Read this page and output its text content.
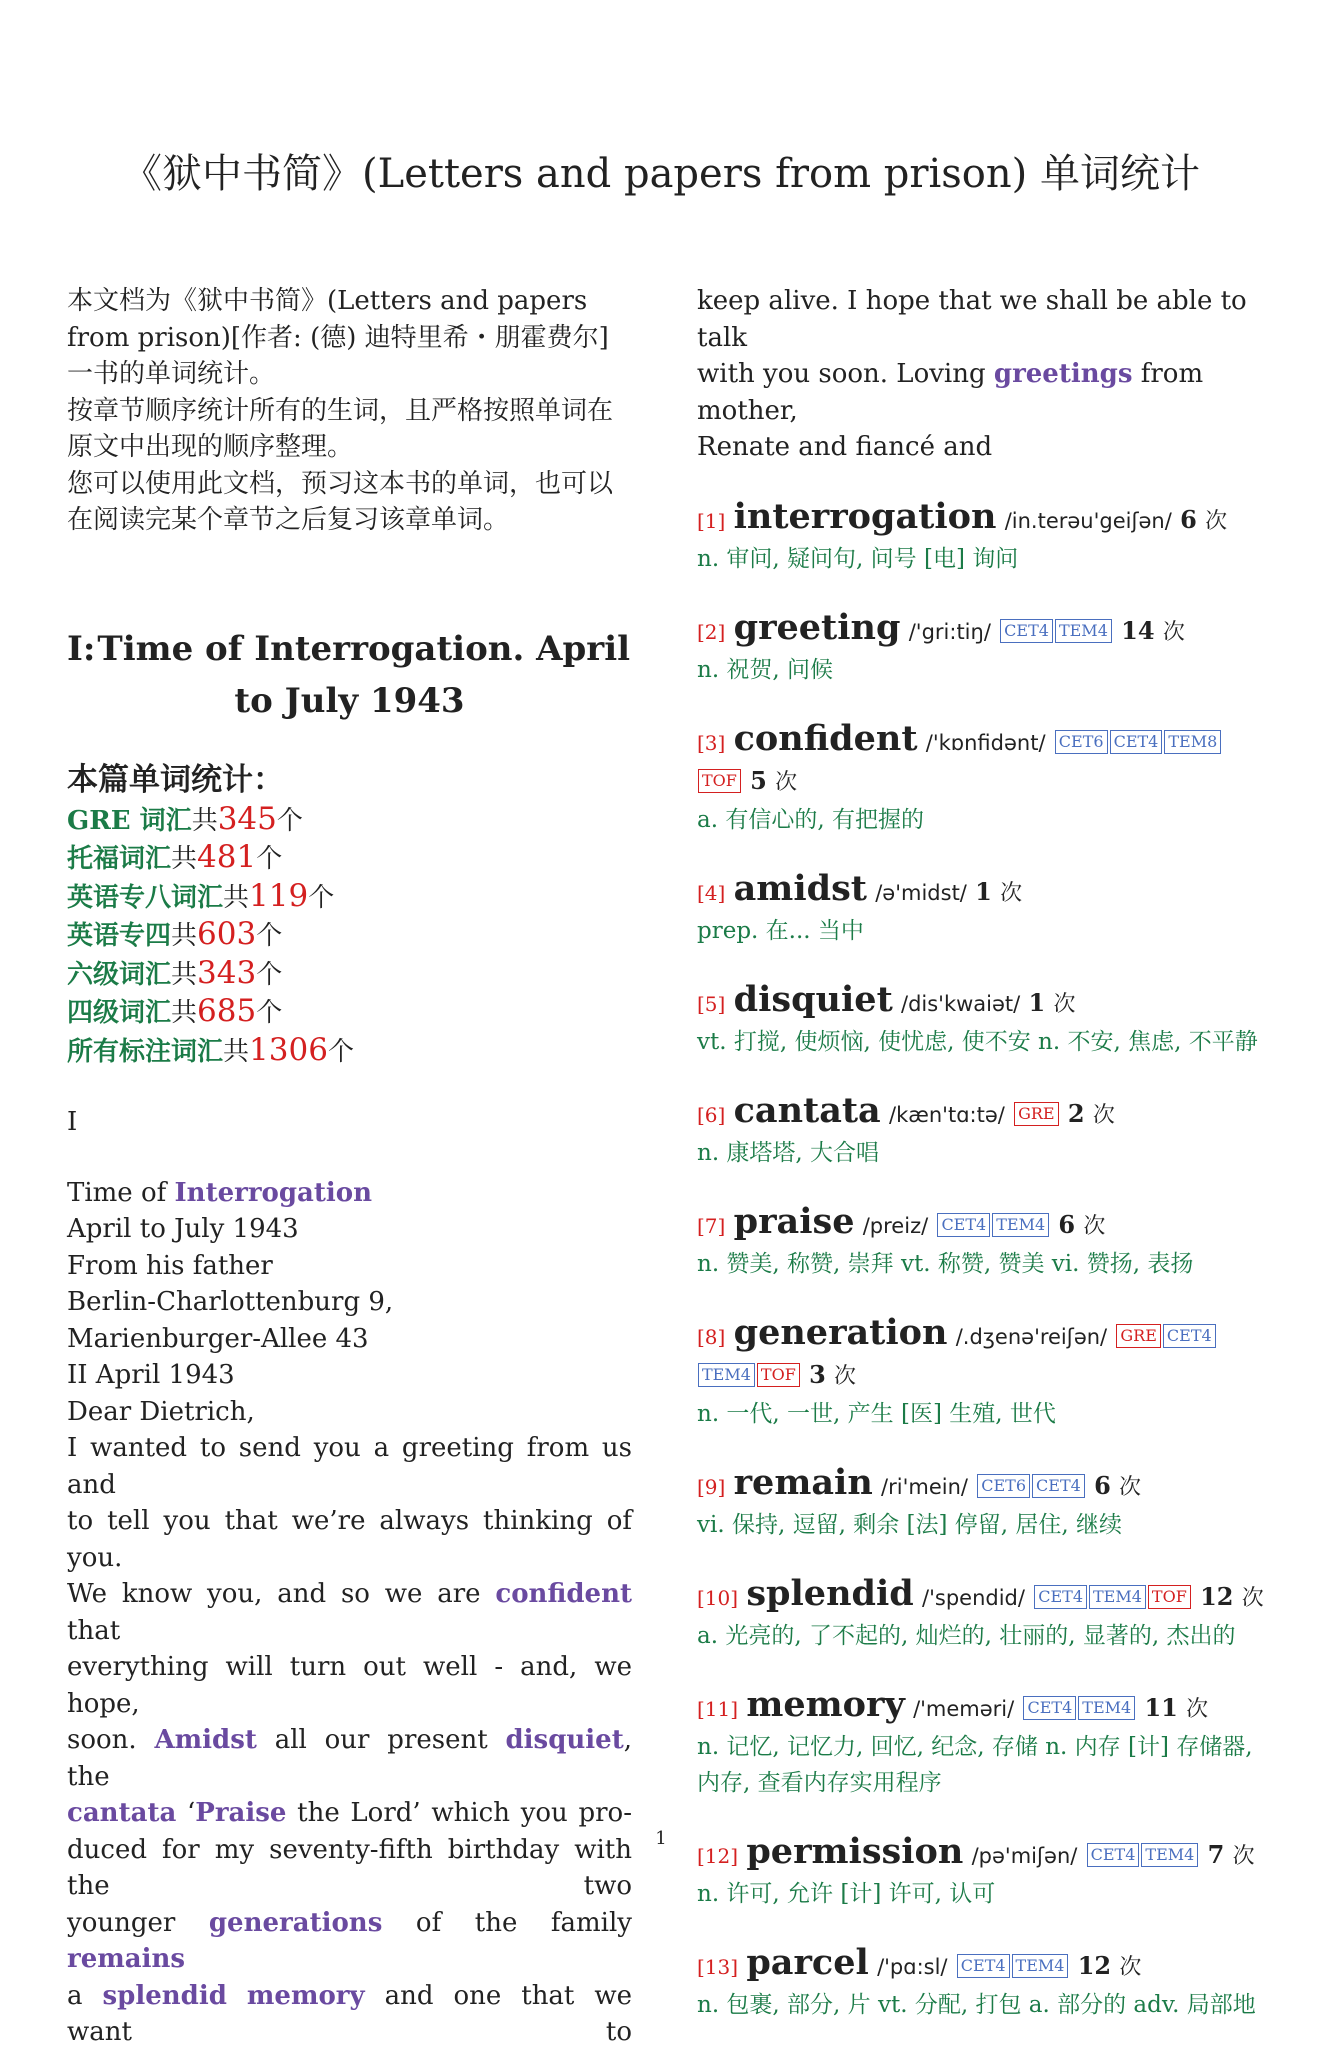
《狱中书简》(Letters and papers from prison) 单词统计

本文档为《狱中书简》(Letters and papers from prison)[作者: (德) 迪特里希・朋霍费尔] 一书的单词统计。

按章节顺序统计所有的生词，且严格按照单词在原文中出现的顺序整理。

您可以使用此文档，预习这本书的单词，也可以在阅读完某个章节之后复习该章单词。

I: Time of Interrogation. April to July 1943
本篇单词统计：
GRE 词汇共345个
托福词汇共481个
英语专八词汇共119个
英语专四共603个
六级词汇共343个
四级词汇共685个
所有标注词汇共1306个
I
Time of Interrogation
April to July 1943
From his father
Berlin-Charlottenburg 9,
Marienburger-Allee 43
II April 1943
Dear Dietrich,
I wanted to send you a greeting from us and
to tell you that we’re always thinking of you.
We know you, and so we are confident that
everything will turn out well - and, we hope,
soon. Amidst all our present disquiet, the
cantata ‘Praise the Lord’ which you pro-
duced for my seventy-fifth birthday with the two
younger generations of the family remains
a splendid memory and one that we want to
keep alive. I hope that we shall be able to talk
with you soon. Loving greetings from mother,
Renate and fiancé and
[1] interrogation /in.terəu'geiʃən/ 6 次
n. 审问, 疑问句, 问号 [电] 询问
[2] greeting /'gri:tiŋ/ CET4 TEM4 14 次
n. 祝贺, 问候
[3] confident /'kɒnfidənt/ CET6 CET4 TEM8TOF 5 次
a. 有信心的, 有把握的
[4] amidst /ə'midst/ 1 次
prep. 在... 当中
[5] disquiet /dis'kwaiət/ 1 次
vt. 打搅, 使烦恼, 使忧虑, 使不安 n. 不安, 焦虑, 不平静
[6] cantata /kæn'tɑ:tə/ GRE 2 次
n. 康塔塔, 大合唱
[7] praise /preiz/ CET4 TEM4 6 次
n. 赞美, 称赞, 崇拜 vt. 称赞, 赞美 vi. 赞扬, 表扬
[8] generation /.dʒenə'reiʃən/ GRE CET4TEM4 TOF 3 次
n. 一代, 一世, 产生 [医] 生殖, 世代
[9] remain /ri'mein/ CET6 CET4 6 次
vi. 保持, 逗留, 剩余 [法] 停留, 居住, 继续
[10] splendid /'spendid/ CET4 TEM4 TOF 12 次
a. 光亮的, 了不起的, 灿烂的, 壮丽的, 显著的, 杰出的
[11] memory /'meməri/ CET4 TEM4 11 次
n. 记忆, 记忆力, 回忆, 纪念, 存储 n. 内存 [计] 存储器, 内存, 查看内存实用程序
[12] permission /pə'miʃən/ CET4 TEM4 7 次
n. 许可, 允许 [计] 许可, 认可
[13] parcel /'pɑ:sl/ CET4 TEM4 12 次
n. 包裹, 部分, 片 vt. 分配, 打包 a. 部分的 adv. 局部地
1
